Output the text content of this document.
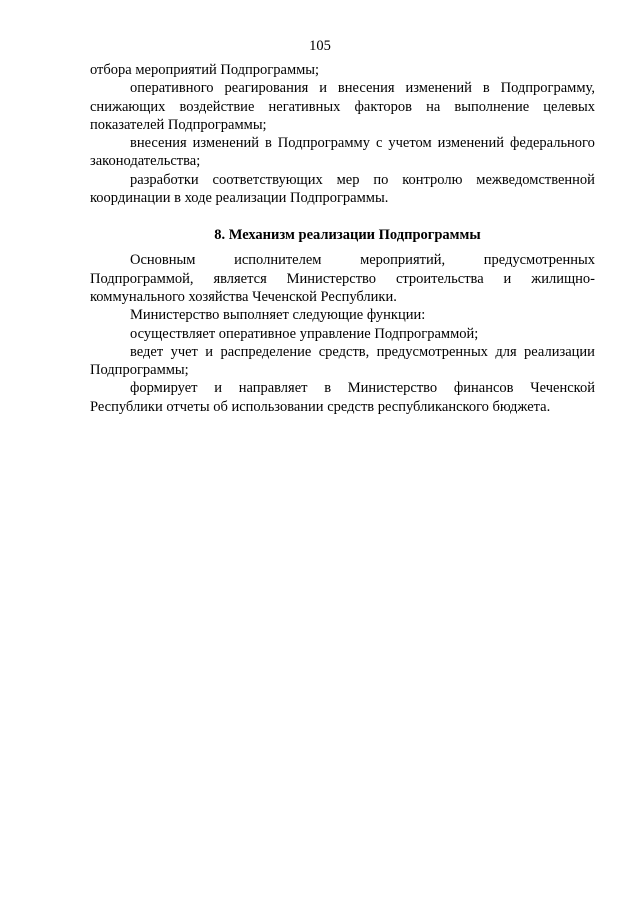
105
отбора мероприятий Подпрограммы;
оперативного реагирования и внесения изменений в Подпрограмму,
снижающих воздействие негативных факторов на выполнение целевых
показателей Подпрограммы;
внесения изменений в Подпрограмму с учетом изменений федерального
законодательства;
разработки соответствующих мер по контролю межведомственной
координации в ходе реализации Подпрограммы.
8. Механизм реализации Подпрограммы
Основным	исполнителем	мероприятий,	предусмотренных
Подпрограммой, является Министерство строительства и жилищно-
коммунального хозяйства Чеченской Республики.
Министерство выполняет следующие функции:
осуществляет оперативное управление Подпрограммой;
ведет учет и распределение средств, предусмотренных для реализации
Подпрограммы;
формирует и направляет в Министерство финансов Чеченской
Республики отчеты об использовании средств республиканского бюджета.
